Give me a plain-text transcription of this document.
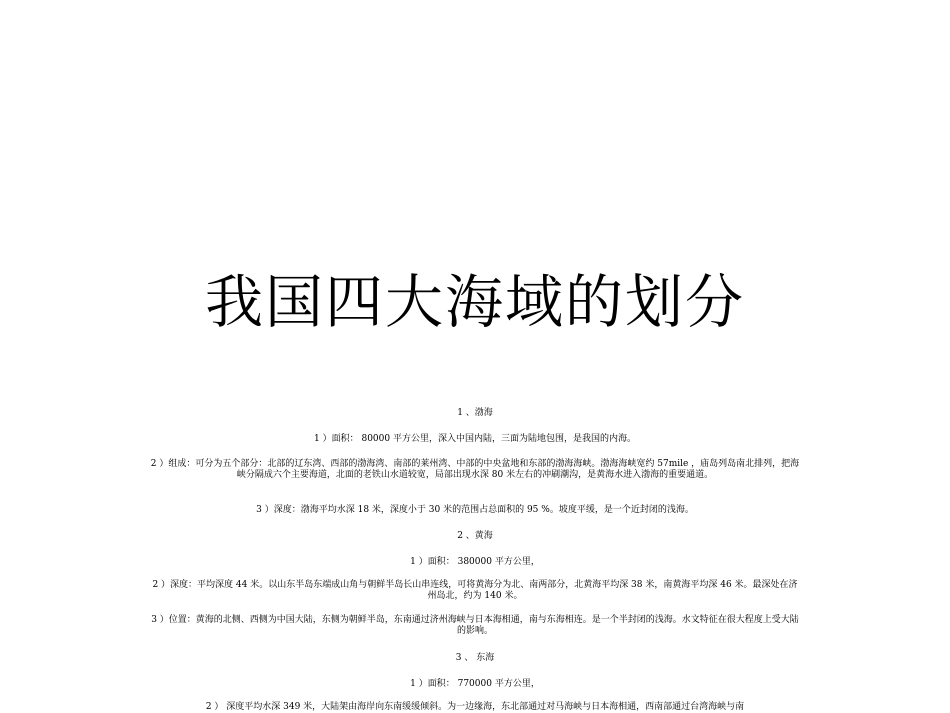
我国四大海域的划分
1 、渤海
1 ）面积： 80000 平方公里，深入中国内陆，三面为陆地包围，是我国的内海。
2 ）组成：可分为五个部分：北部的辽东湾、西部的渤海湾、南部的莱州湾、中部的中央盆地和东部的渤海海峡。渤海海峡宽约 57mile ，庙岛列岛南北排列，把海峡分隔成六个主要海道，北面的老铁山水道较宽，局部出现水深 80 米左右的冲刷潮沟，是黄海水进入渤海的重要通道。
3 ）深度：渤海平均水深 18 米，深度小于 30 米的范围占总面积的 95 %。坡度平缓，是一个近封闭的浅海。
2 、黄海
1 ）面积： 380000 平方公里，
2 ）深度：平均深度 44 米。以山东半岛东端成山角与朝鲜半岛长山串连线，可将黄海分为北、南两部分，北黄海平均深 38 米，南黄海平均深 46 米。最深处在济州岛北，约为 140 米。
3 ）位置：黄海的北侧、西侧为中国大陆，东侧为朝鲜半岛，东南通过济州海峡与日本海相通，南与东海相连。是一个半封闭的浅海。水文特征在很大程度上受大陆的影响。
3 、 东海
1 ）面积： 770000 平方公里，
2 ） 深度平均水深 349 米，大陆架由海岸向东南缓缓倾斜。为一边缘海，东北部通过对马海峡与日本海相通，西南部通过台湾海峡与南
